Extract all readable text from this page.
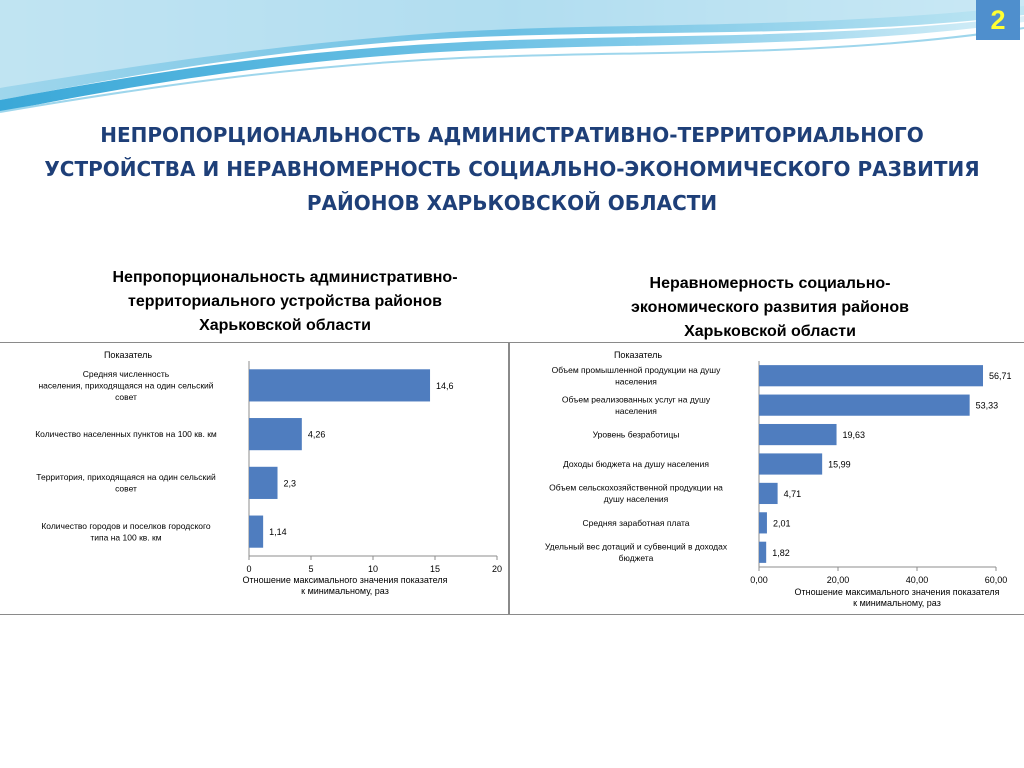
2
НЕПРОПОРЦИОНАЛЬНОСТЬ АДМИНИСТРАТИВНО-ТЕРРИТОРИАЛЬНОГО
УСТРОЙСТВА И НЕРАВНОМЕРНОСТЬ СОЦИАЛЬНО-ЭКОНОМИЧЕСКОГО РАЗВИТИЯ
РАЙОНОВ ХАРЬКОВСКОЙ ОБЛАСТИ
Непропорциональность административно-
территориального устройства районов
Харьковской области
Неравномерность социально-
экономического развития районов
Харьковской области
Показатель
14,6
Средняя численность
населения, приходящаяся на один сельский
совет
4,26
Количество населенных пунктов на 100 кв. км
2,3
Территория, приходящаяся на один сельский
совет
1,14
Количество городов и поселков городского
типа на 100 кв. км
0	5	10	15	20
Отношение максимального значения показателя
к минимальному, раз
Показатель
56,71
Объем промышленной продукции на душу
населения
53,33
Объем реализованных услуг на душу
населения
19,63
Уровень безработицы
15,99
Доходы бюджета на душу населения
4,71
Объем сельскохозяйственной продукции на
душу населения
2,01
Средняя заработная плата
1,82
Удельный вес дотаций и субвенций в доходах
бюджета
0,00	20,00	40,00	60,00
Отношение максимального значения показателя
к минимальному, раз
